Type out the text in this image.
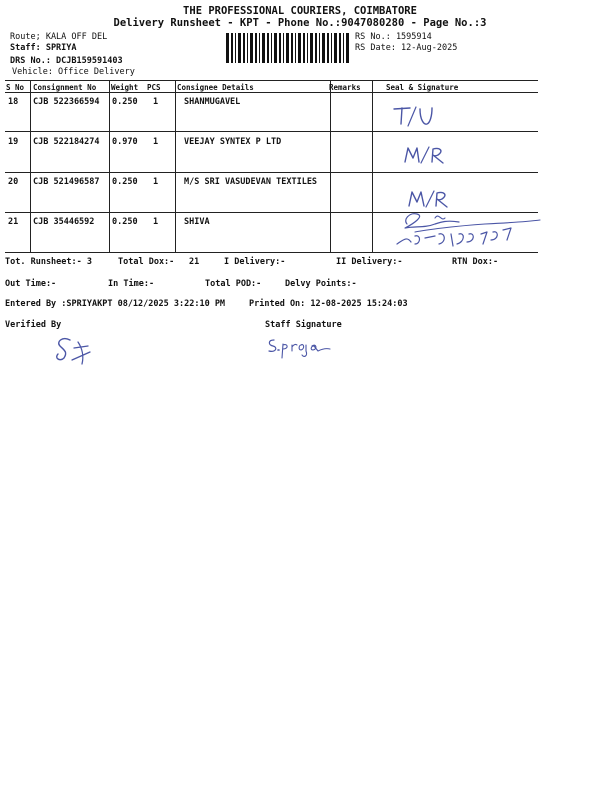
THE PROFESSIONAL COURIERS, COIMBATORE
Delivery Runsheet - KPT - Phone No.:9047080280 - Page No.:3
Route; KALA OFF DEL
Staff: SPRIYA
DRS No.: DCJB159591403
Vehicle: Office Delivery
RS No.: 1595914
RS Date: 12-Aug-2025
S No Consignment No Weight PCS Consignee Details	Remarks	Seal & Signature
18 CJB 522366594 0.250 1	SHANMUGAVEL
19 CJB 522184274 0.970 1	VEEJAY SYNTEX P LTD
20 CJB 521496587 0.250 1	M/S SRI VASUDEVAN TEXTILES
21 CJB 35446592 0.250 1	SHIVA
Tot. Runsheet:- 3	Total Dox:- 21	I Delivery:-	II Delivery:-	RTN Dox:-
Out Time:-	In Time:-	Total POD:-	Delvy Points:-
Entered By :SPRIYAKPT 08/12/2025 3:22:10 PM	Printed On: 12-08-2025 15:24:03
Verified By	Staff Signature
